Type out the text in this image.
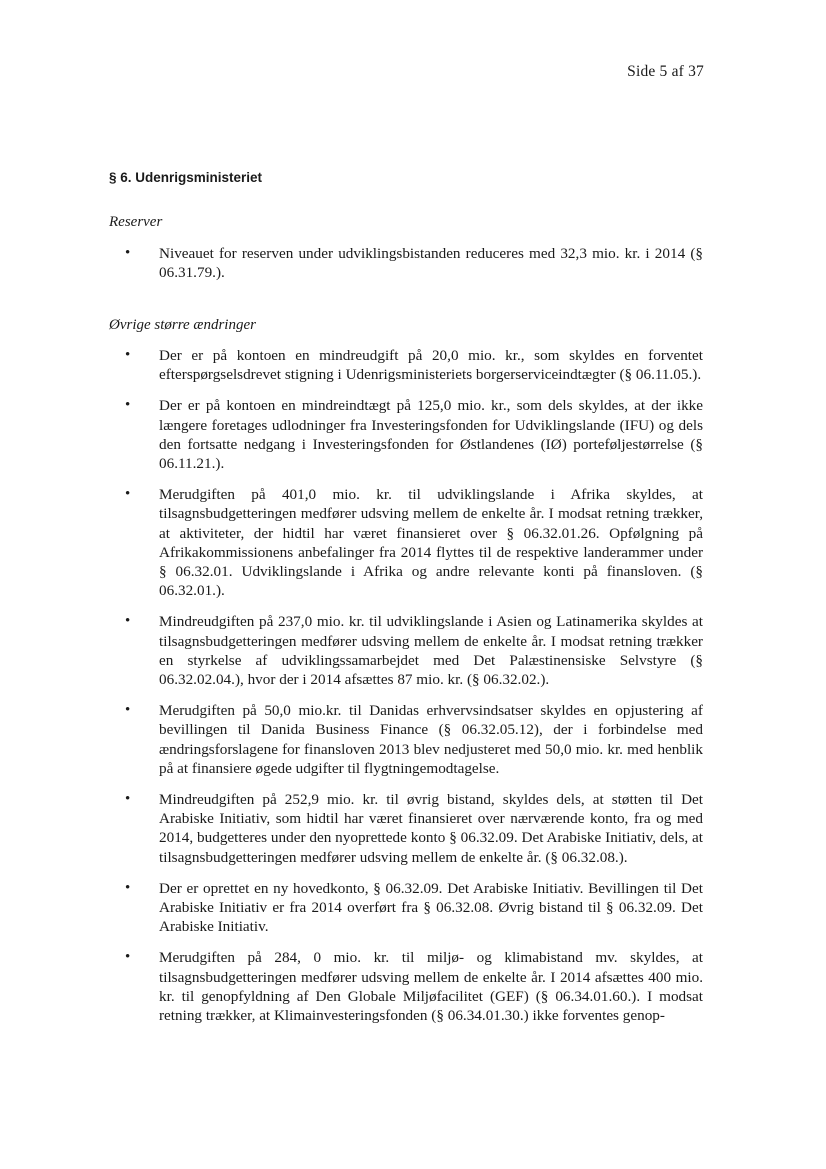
Side 5 af 37
§ 6. Udenrigsministeriet
Reserver
• Niveauet for reserven under udviklingsbistanden reduceres med 32,3 mio. kr. i 2014 (§ 06.31.79.).
Øvrige større ændringer
• Der er på kontoen en mindreudgift på 20,0 mio. kr., som skyldes en forventet efterspørgselsdrevet stigning i Udenrigsministeriets borgerserviceindtægter (§ 06.11.05.).
• Der er på kontoen en mindreindtægt på 125,0 mio. kr., som dels skyldes, at der ikke længere foretages udlodninger fra Investeringsfonden for Udviklingslande (IFU) og dels den fortsatte nedgang i Investeringsfonden for Østlandenes (IØ) porteføljestørrelse (§ 06.11.21.).
• Merudgiften på 401,0 mio. kr. til udviklingslande i Afrika skyldes, at tilsagnsbudgetteringen medfører udsving mellem de enkelte år. I modsat retning trækker, at aktiviteter, der hidtil har været finansieret over § 06.32.01.26. Opfølgning på Afrikakommissionens anbefalinger fra 2014 flyttes til de respektive landerammer under § 06.32.01. Udviklingslande i Afrika og andre relevante konti på finansloven. (§ 06.32.01.).
• Mindreudgiften på 237,0 mio. kr. til udviklingslande i Asien og Latinamerika skyldes at tilsagnsbudgetteringen medfører udsving mellem de enkelte år. I modsat retning trækker en styrkelse af udviklingssamarbejdet med Det Palæstinensiske Selvstyre (§ 06.32.02.04.), hvor der i 2014 afsættes 87 mio. kr. (§ 06.32.02.).
• Merudgiften på 50,0 mio.kr. til Danidas erhvervsindsatser skyldes en opjustering af bevillingen til Danida Business Finance (§ 06.32.05.12), der i forbindelse med ændringsforslagene for finansloven 2013 blev nedjusteret med 50,0 mio. kr. med henblik på at finansiere øgede udgifter til flygtningemodtagelse.
• Mindreudgiften på 252,9 mio. kr. til øvrig bistand, skyldes dels, at støtten til Det Arabiske Initiativ, som hidtil har været finansieret over nærværende konto, fra og med 2014, budgetteres under den nyoprettede konto § 06.32.09. Det Arabiske Initiativ, dels, at tilsagnsbudgetteringen medfører udsving mellem de enkelte år. (§ 06.32.08.).
• Der er oprettet en ny hovedkonto, § 06.32.09. Det Arabiske Initiativ. Bevillingen til Det Arabiske Initiativ er fra 2014 overført fra § 06.32.08. Øvrig bistand til § 06.32.09. Det Arabiske Initiativ.
• Merudgiften på 284, 0 mio. kr. til miljø- og klimabistand mv. skyldes, at tilsagnsbudgetteringen medfører udsving mellem de enkelte år. I 2014 afsættes 400 mio. kr. til genopfyldning af Den Globale Miljøfacilitet (GEF) (§ 06.34.01.60.). I modsat retning trækker, at Klimainvesteringsfonden (§ 06.34.01.30.) ikke forventes genop-
